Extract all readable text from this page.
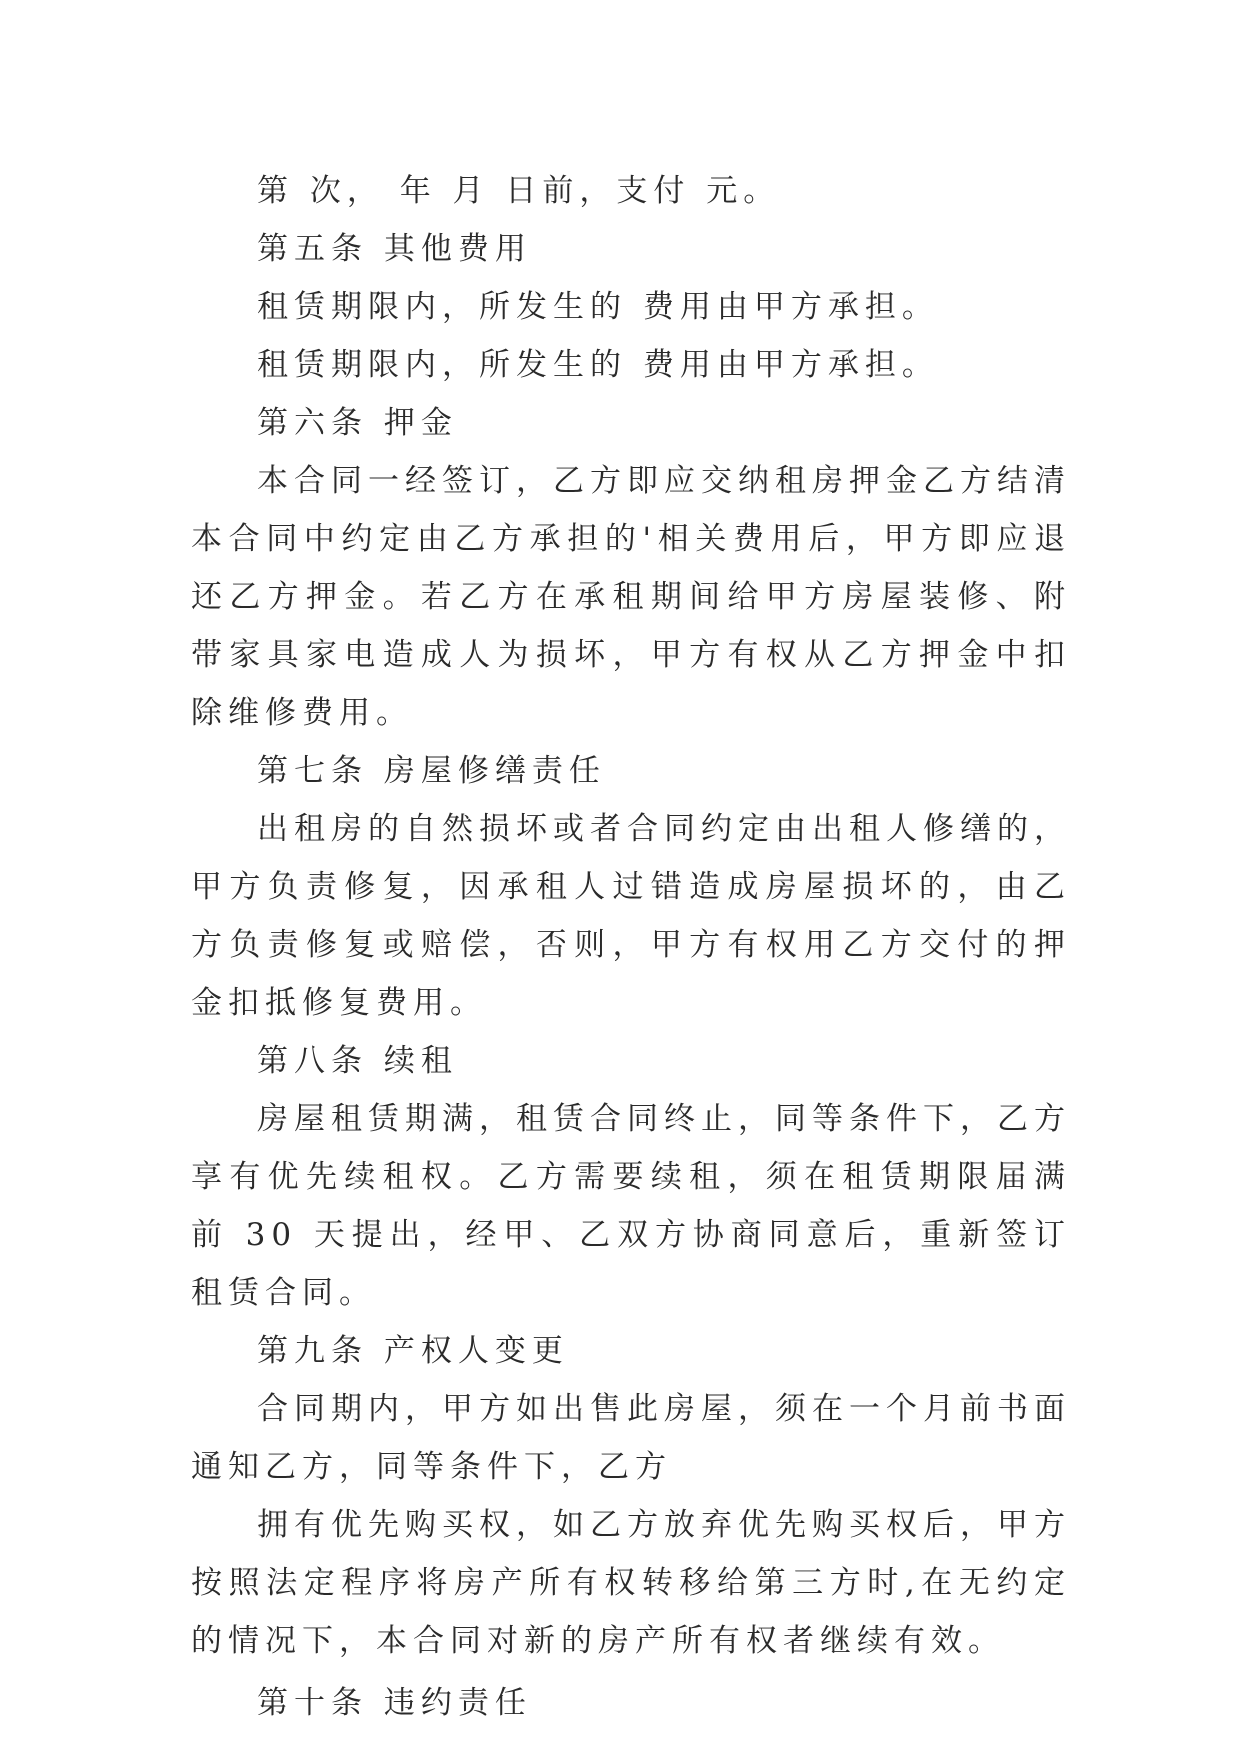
第 次， 年 月 日前，支付 元。

第五条 其他费用

租赁期限内，所发生的 费用由甲方承担。

租赁期限内，所发生的 费用由甲方承担。

第六条 押金

本合同一经签订，乙方即应交纳租房押金乙方结清本合同中约定由乙方承担的'相关费用后，甲方即应退还乙方押金。若乙方在承租期间给甲方房屋装修、附带家具家电造成人为损坏，甲方有权从乙方押金中扣除维修费用。

第七条 房屋修缮责任

出租房的自然损坏或者合同约定由出租人修缮的，甲方负责修复，因承租人过错造成房屋损坏的，由乙方负责修复或赔偿，否则，甲方有权用乙方交付的押金扣抵修复费用。

第八条 续租

房屋租赁期满，租赁合同终止，同等条件下，乙方享有优先续租权。乙方需要续租，须在租赁期限届满前 30 天提出，经甲、乙双方协商同意后，重新签订租赁合同。

第九条 产权人变更

合同期内，甲方如出售此房屋，须在一个月前书面通知乙方，同等条件下，乙方

拥有优先购买权，如乙方放弃优先购买权后，甲方按照法定程序将房产所有权转移给第三方时,在无约定的情况下，本合同对新的房产所有权者继续有效。

第十条 违约责任
